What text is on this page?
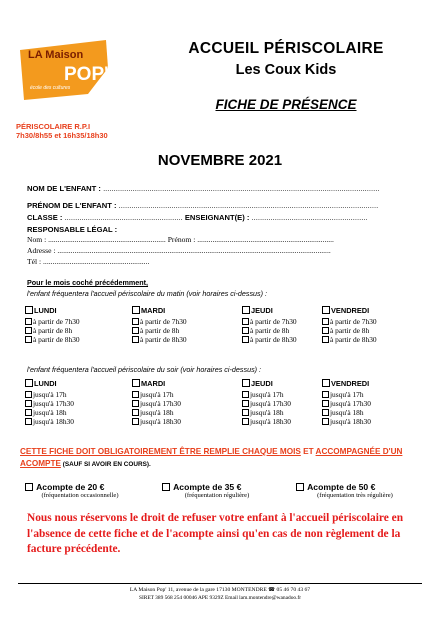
LA Maison
POP'
école des cultures
ACCUEIL PÉRISCOLAIRE
Les Coux Kids
FICHE DE PRÉSENCE
PÉRISCOLAIRE R.P.I
7h30/8h55 et 16h35/18h30
NOVEMBRE 2021
NOM DE L'ENFANT : ...................................................................................................................................
PRÉNOM DE L'ENFANT : ...........................................................................................................................
CLASSE : ........................................................ ENSEIGNANT(E) : .......................................................
RESPONSABLE LÉGAL :
Nom : .............................................................. Prénom : ........................................................................
Adresse : ................................................................................................................................................
Tél : ........................................................
Pour le mois coché précédemment,
l'enfant fréquentera l'accueil périscolaire du matin (voir horaires ci-dessus) :
LUNDI
à partir de 7h30
à partir de 8h
à partir de 8h30
MARDI
à partir de 7h30
à partir de 8h
à partir de 8h30
JEUDI
à partir de 7h30
à partir de 8h
à partir de 8h30
VENDREDI
à partir de 7h30
à partir de 8h
à partir de 8h30
l'enfant fréquentera l'accueil périscolaire du soir (voir horaires ci-dessus) :
LUNDI
jusqu'à 17h
jusqu'à 17h30
jusqu'à 18h
jusqu'à 18h30
MARDI
jusqu'à 17h
jusqu'à 17h30
jusqu'à 18h
jusqu'à 18h30
JEUDI
jusqu'à 17h
jusqu'à 17h30
jusqu'à 18h
jusqu'à 18h30
VENDREDI
jusqu'à 17h
jusqu'à 17h30
jusqu'à 18h
jusqu'à 18h30
CETTE FICHE DOIT OBLIGATOIREMENT ÊTRE REMPLIE CHAQUE MOIS ET ACCOMPAGNÉE D'UN ACOMPTE (SAUF SI AVOIR EN COURS).
Acompte de 20 €
(fréquentation occasionnelle)
Acompte de 35 €
(fréquentation régulière)
Acompte de 50 €
(fréquentation très régulière)
Nous nous réservons le droit de refuser votre enfant à l'accueil périscolaire en l'absence de cette fiche et de l'acompte ainsi qu'en cas de non règlement de la facture précédente.
LA Maison Pop' 11, avenue de la gare 17130 MONTENDRE ☎ 05 46 70 43 67
SIRET 389 568 254 00046 APE 9329Z Email lam.montendre@wanadoo.fr
